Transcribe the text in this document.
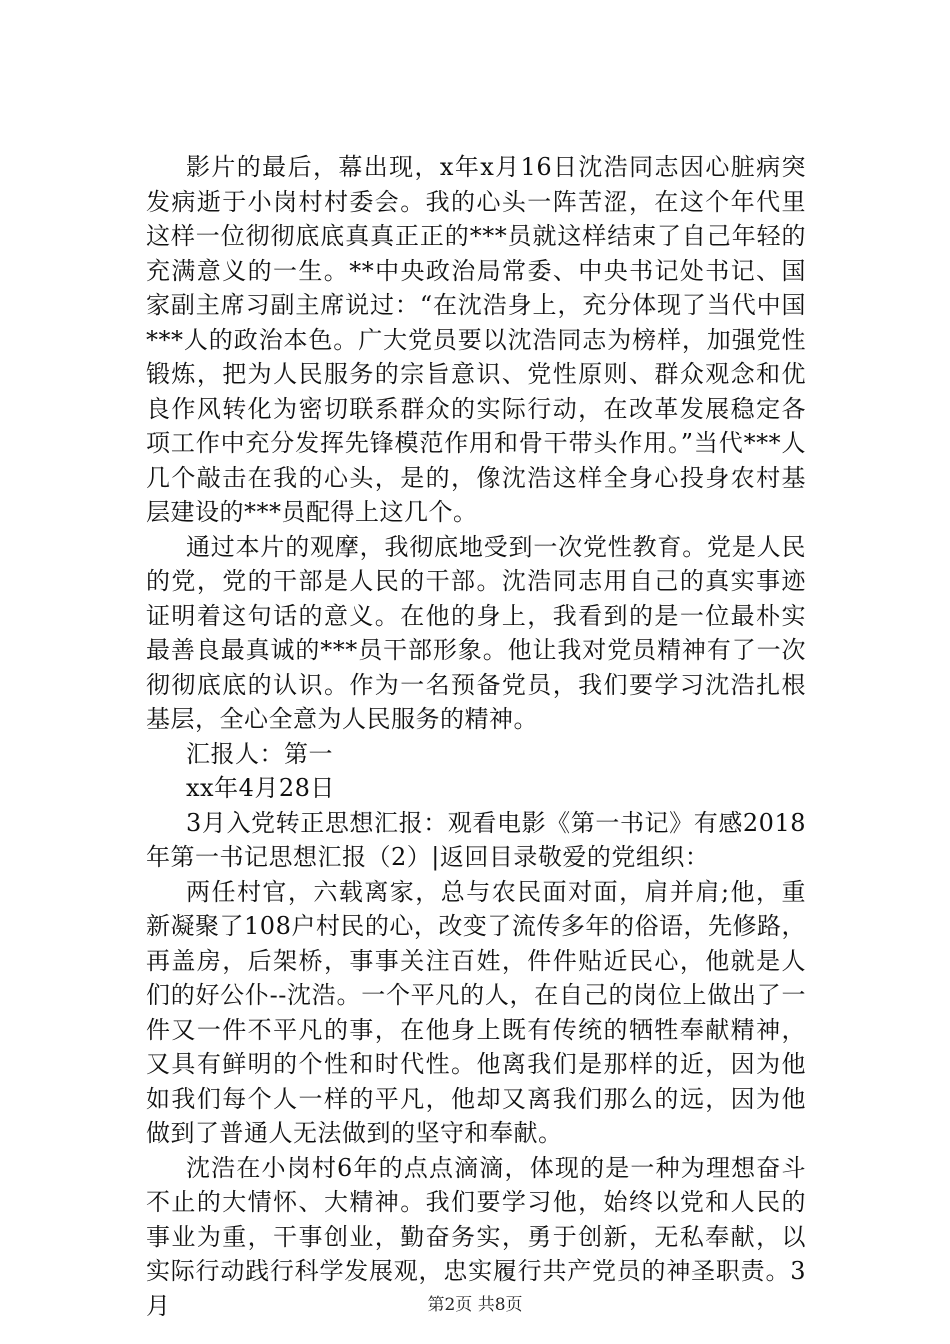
影片的最后，幕出现，x年x月16日沈浩同志因心脏病突发病逝于小岗村村委会。我的心头一阵苦涩，在这个年代里这样一位彻彻底底真真正正的***员就这样结束了自己年轻的充满意义的一生。**中央政治局常委、中央书记处书记、国家副主席习副主席说过：“在沈浩身上，充分体现了当代中国***人的政治本色。广大党员要以沈浩同志为榜样，加强党性锻炼，把为人民服务的宗旨意识、党性原则、群众观念和优良作风转化为密切联系群众的实际行动，在改革发展稳定各项工作中充分发挥先锋模范作用和骨干带头作用。”当代***人几个敲击在我的心头，是的，像沈浩这样全身心投身农村基层建设的***员配得上这几个。

通过本片的观摩，我彻底地受到一次党性教育。党是人民的党，党的干部是人民的干部。沈浩同志用自己的真实事迹证明着这句话的意义。在他的身上，我看到的是一位最朴实最善良最真诚的***员干部形象。他让我对党员精神有了一次彻彻底底的认识。作为一名预备党员，我们要学习沈浩扎根基层，全心全意为人民服务的精神。

汇报人：第一

xx年4月28日

3月入党转正思想汇报：观看电影《第一书记》有感2018年第一书记思想汇报（2）|返回目录敬爱的党组织：

两任村官，六载离家，总与农民面对面，肩并肩;他，重新凝聚了108户村民的心，改变了流传多年的俗语，先修路，再盖房，后架桥，事事关注百姓，件件贴近民心，他就是人们的好公仆--沈浩。一个平凡的人，在自己的岗位上做出了一件又一件不平凡的事，在他身上既有传统的牺牲奉献精神，又具有鲜明的个性和时代性。他离我们是那样的近，因为他如我们每个人一样的平凡，他却又离我们那么的远，因为他做到了普通人无法做到的坚守和奉献。

沈浩在小岗村6年的点点滴滴，体现的是一种为理想奋斗不止的大情怀、大精神。我们要学习他，始终以党和人民的事业为重，干事创业，勤奋务实，勇于创新，无私奉献，以实际行动践行科学发展观，忠实履行共产党员的神圣职责。3月	第2页 共8页
